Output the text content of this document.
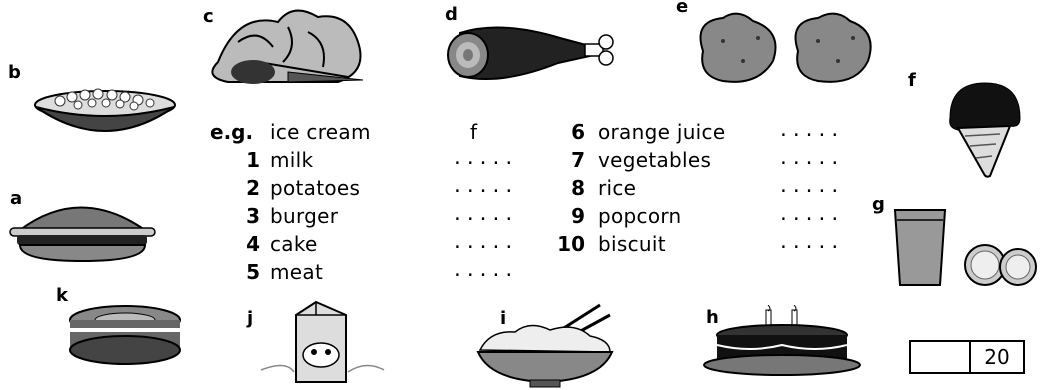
a
b
c	d	e
f
g
h
i
j
k
e.g. ice cream	f
1 milk	.....
2 potatoes	.....
3 burger	.....
4 cake	.....
5 meat	.....
6 orange juice	.....
7 vegetables	.....
8 rice	.....
9 popcorn	.....
10 biscuit	.....
20
